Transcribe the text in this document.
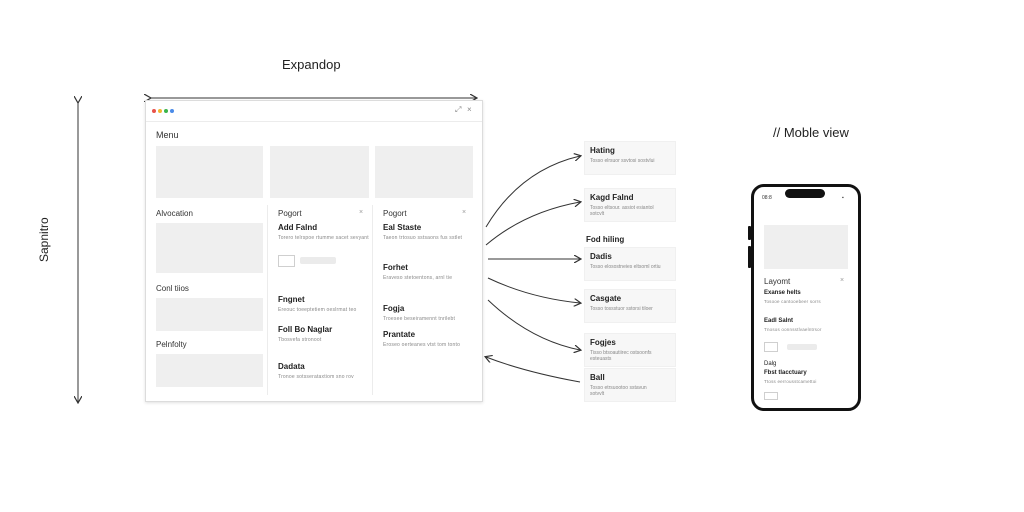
Expandop
// Moble view
Sapnitro
⤢ ×
Menu
Alvocation
Conl tiios
Pelnfolty
Pogort	×
Add Falnd
Torero telrspoe rtumme sacet sevyant
Fngnet
Ereouc toeeptetiem oeslrmat teo
Foll Bo Naglar
Tbosvefa stronoot
Dadata
Tronoe sotsserataxtiom sno rov
Pogort	×
Eal Staste
Taeon trtosuo sstsaons fus sstlet
Forhet
Eraveso stetoentons, arnl tie
Fogja
Troesee beseiramennt tnrilebt
Prantate
Eroseo oerteanes vtst tom tonto
Hating
Tosso elrsuor ssvtosi sostvlui
Kagd Falnd
Tosso eltsour. assiot esiantol
sotcvlt
Fod hiling
Dadis
Tosso elosostneies eltsoml ortiu
Casgate
Tosso tossstuor sstorsi tiloer
Fogjes
Tisso btsoautiirec ostsoonfs
esteuasts
Ball
Tosso etrsuootoo sstavun
sotvvlt
08:8	▪
Layomt	×
Exanse helts
Tosooe cantooebeer sorrs
Eadl Salnt
Tnosos oonnsstlvaelntrsor
Dalg
Fbst tlacctuary
Ttoss eerrousstcamettoi
